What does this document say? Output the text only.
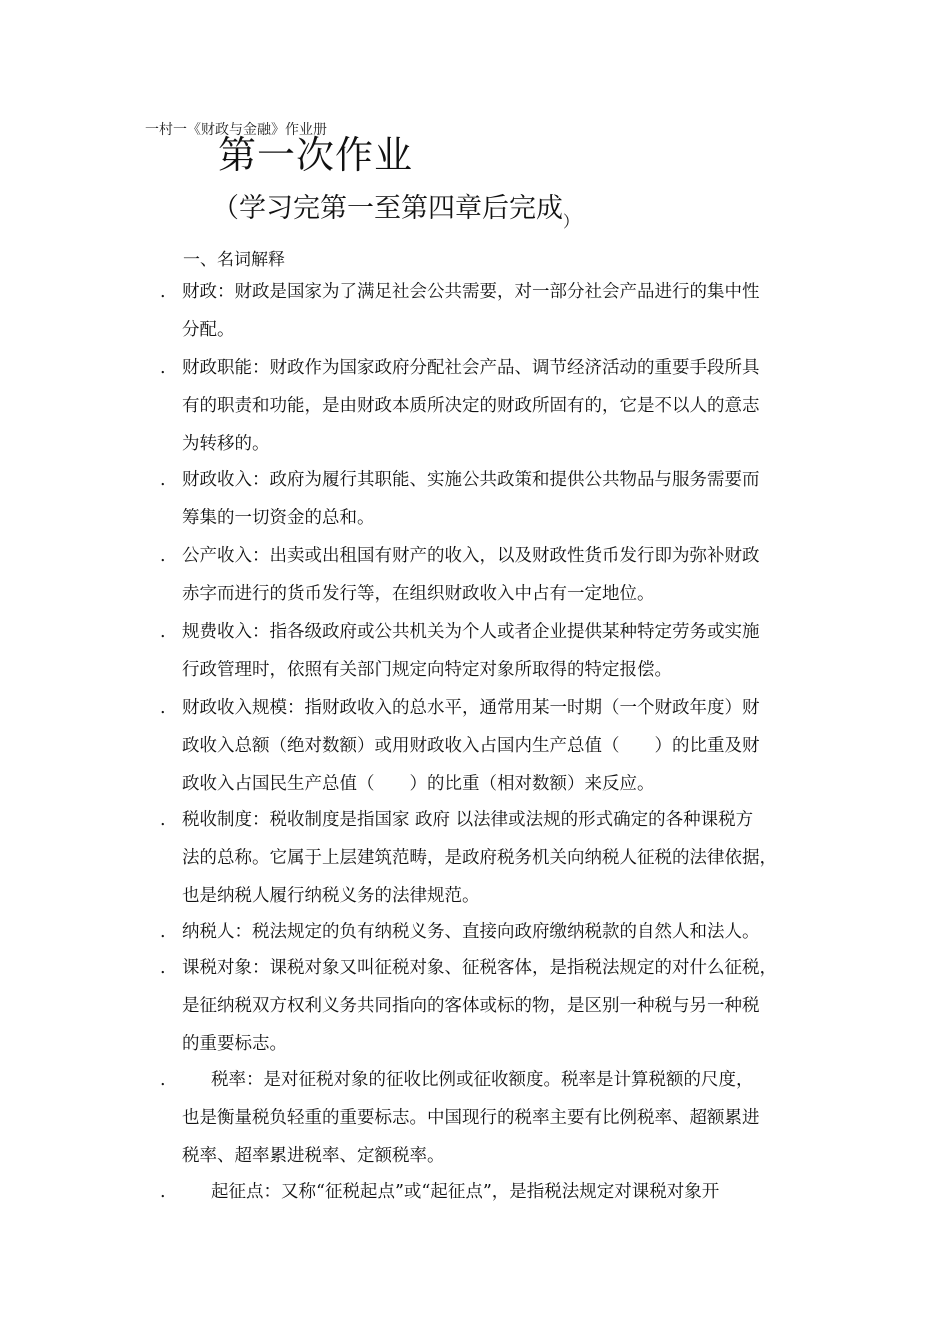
一村一《财政与金融》作业册
第一次作业
（学习完第一至第四章后完成$_)$
一、名词解释
. 财政：财政是国家为了满足社会公共需要，对一部分社会产品进行的集中性
分配。
. 财政职能：财政作为国家政府分配社会产品、调节经济活动的重要手段所具
有的职责和功能，是由财政本质所决定的财政所固有的，它是不以人的意志
为转移的。
. 财政收入：政府为履行其职能、实施公共政策和提供公共物品与服务需要而
筹集的一切资金的总和。
. 公产收入：出卖或出租国有财产的收入，以及财政性货币发行即为弥补财政
赤字而进行的货币发行等，在组织财政收入中占有一定地位。
. 规费收入：指各级政府或公共机关为个人或者企业提供某种特定劳务或实施
行政管理时，依照有关部门规定向特定对象所取得的特定报偿。
. 财政收入规模：指财政收入的总水平，通常用某一时期（一个财政年度）财
政收入总额（绝对数额）或用财政收入占国内生产总值（　　）的比重及财
政收入占国民生产总值（　　）的比重（相对数额）来反应。
. 税收制度：税收制度是指国家 政府 以法律或法规的形式确定的各种课税方
法的总称。它属于上层建筑范畴，是政府税务机关向纳税人征税的法律依据，
也是纳税人履行纳税义务的法律规范。
. 纳税人：税法规定的负有纳税义务、直接向政府缴纳税款的自然人和法人。
. 课税对象：课税对象又叫征税对象、征税客体，是指税法规定的对什么征税，
是征纳税双方权利义务共同指向的客体或标的物，是区别一种税与另一种税
的重要标志。
.	税率：是对征税对象的征收比例或征收额度。税率是计算税额的尺度，
也是衡量税负轻重的重要标志。中国现行的税率主要有比例税率、超额累进
税率、超率累进税率、定额税率。
.	起征点：又称“征税起点”或“起征点”，是指税法规定对课税对象开
